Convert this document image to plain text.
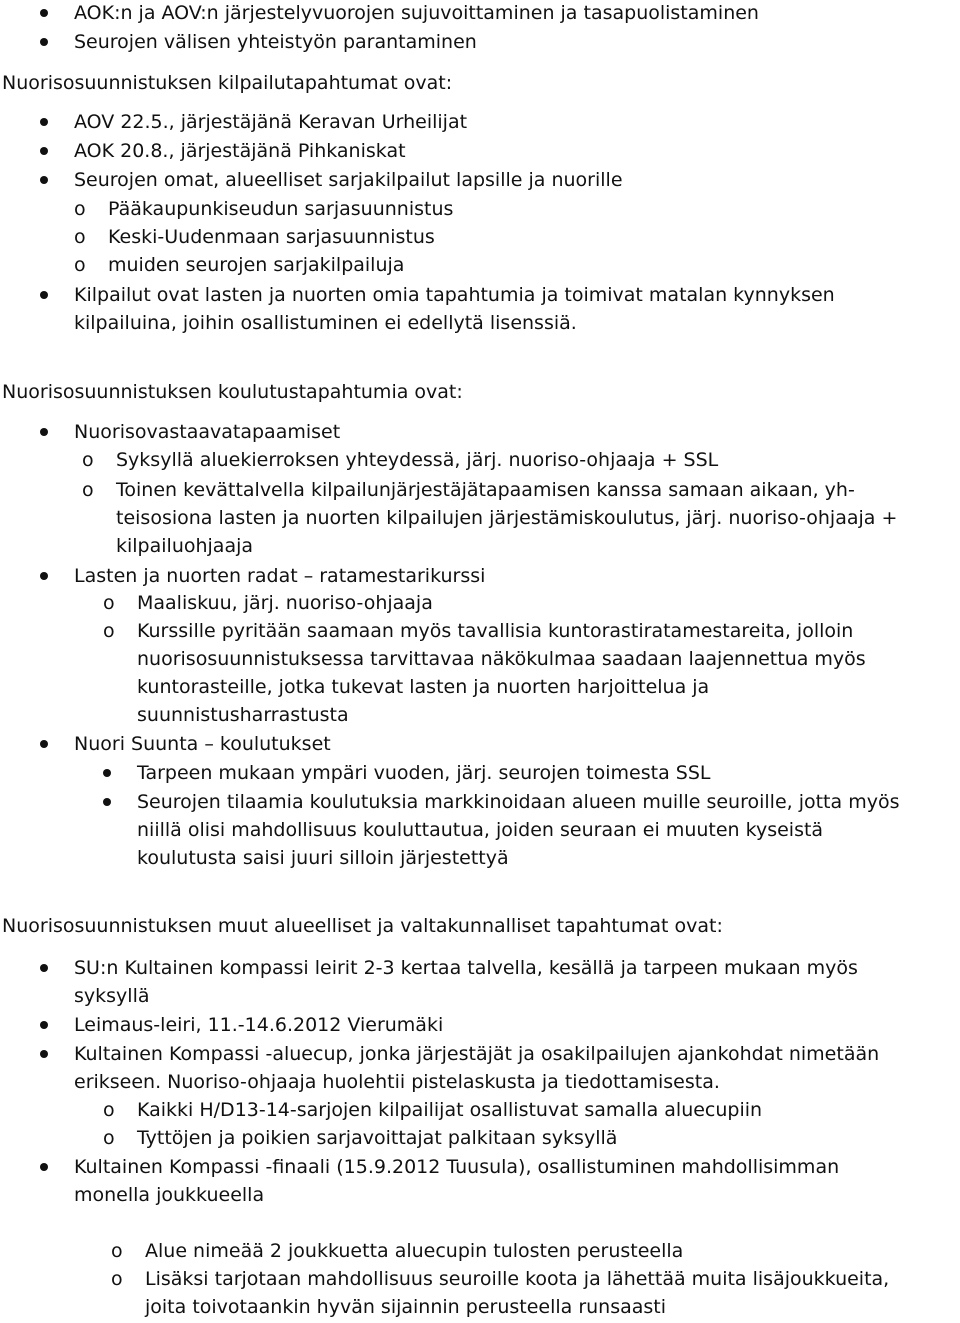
AOK:n ja AOV:n järjestelyvuorojen sujuvoittaminen ja tasapuolistaminen
Seurojen välisen yhteistyön parantaminen
Nuorisosuunnistuksen kilpailutapahtumat ovat:
AOV 22.5., järjestäjänä Keravan Urheilijat
AOK 20.8., järjestäjänä Pihkaniskat
Seurojen omat, alueelliset sarjakilpailut lapsille ja nuorille
o Pääkaupunkiseudun sarjasuunnistus
o Keski-Uudenmaan sarjasuunnistus
o muiden seurojen sarjakilpailuja
Kilpailut ovat lasten ja nuorten omia tapahtumia ja toimivat matalan kynnyksen
kilpailuina, joihin osallistuminen ei edellytä lisenssiä.
Nuorisosuunnistuksen koulutustapahtumia ovat:
Nuorisovastaavatapaamiset
o Syksyllä aluekierroksen yhteydessä, järj. nuoriso-ohjaaja + SSL
o Toinen kevättalvella kilpailunjärjestäjätapaamisen kanssa samaan aikaan, yh-
teisosiona lasten ja nuorten kilpailujen järjestämiskoulutus, järj. nuoriso-ohjaaja +
kilpailuohjaaja
Lasten ja nuorten radat – ratamestarikurssi
o Maaliskuu, järj. nuoriso-ohjaaja
o Kurssille pyritään saamaan myös tavallisia kuntorastiratamestareita, jolloin
nuorisosuunnistuksessa tarvittavaa näkökulmaa saadaan laajennettua myös
kuntorasteille, jotka tukevat lasten ja nuorten harjoittelua ja
suunnistusharrastusta
Nuori Suunta – koulutukset
Tarpeen mukaan ympäri vuoden, järj. seurojen toimesta SSL
Seurojen tilaamia koulutuksia markkinoidaan alueen muille seuroille, jotta myös
niillä olisi mahdollisuus kouluttautua, joiden seuraan ei muuten kyseistä
koulutusta saisi juuri silloin järjestettyä
Nuorisosuunnistuksen muut alueelliset ja valtakunnalliset tapahtumat ovat:
SU:n Kultainen kompassi leirit 2-3 kertaa talvella, kesällä ja tarpeen mukaan myös
syksyllä
Leimaus-leiri, 11.-14.6.2012 Vierumäki
Kultainen Kompassi -aluecup, jonka järjestäjät ja osakilpailujen ajankohdat nimetään
erikseen. Nuoriso-ohjaaja huolehtii pistelaskusta ja tiedottamisesta.
o Kaikki H/D13-14-sarjojen kilpailijat osallistuvat samalla aluecupiin
o Tyttöjen ja poikien sarjavoittajat palkitaan syksyllä
Kultainen Kompassi -finaali (15.9.2012 Tuusula), osallistuminen mahdollisimman
monella joukkueella
o Alue nimeää 2 joukkuetta aluecupin tulosten perusteella
o Lisäksi tarjotaan mahdollisuus seuroille koota ja lähettää muita lisäjoukkueita,
joita toivotaankin hyvän sijainnin perusteella runsaasti
